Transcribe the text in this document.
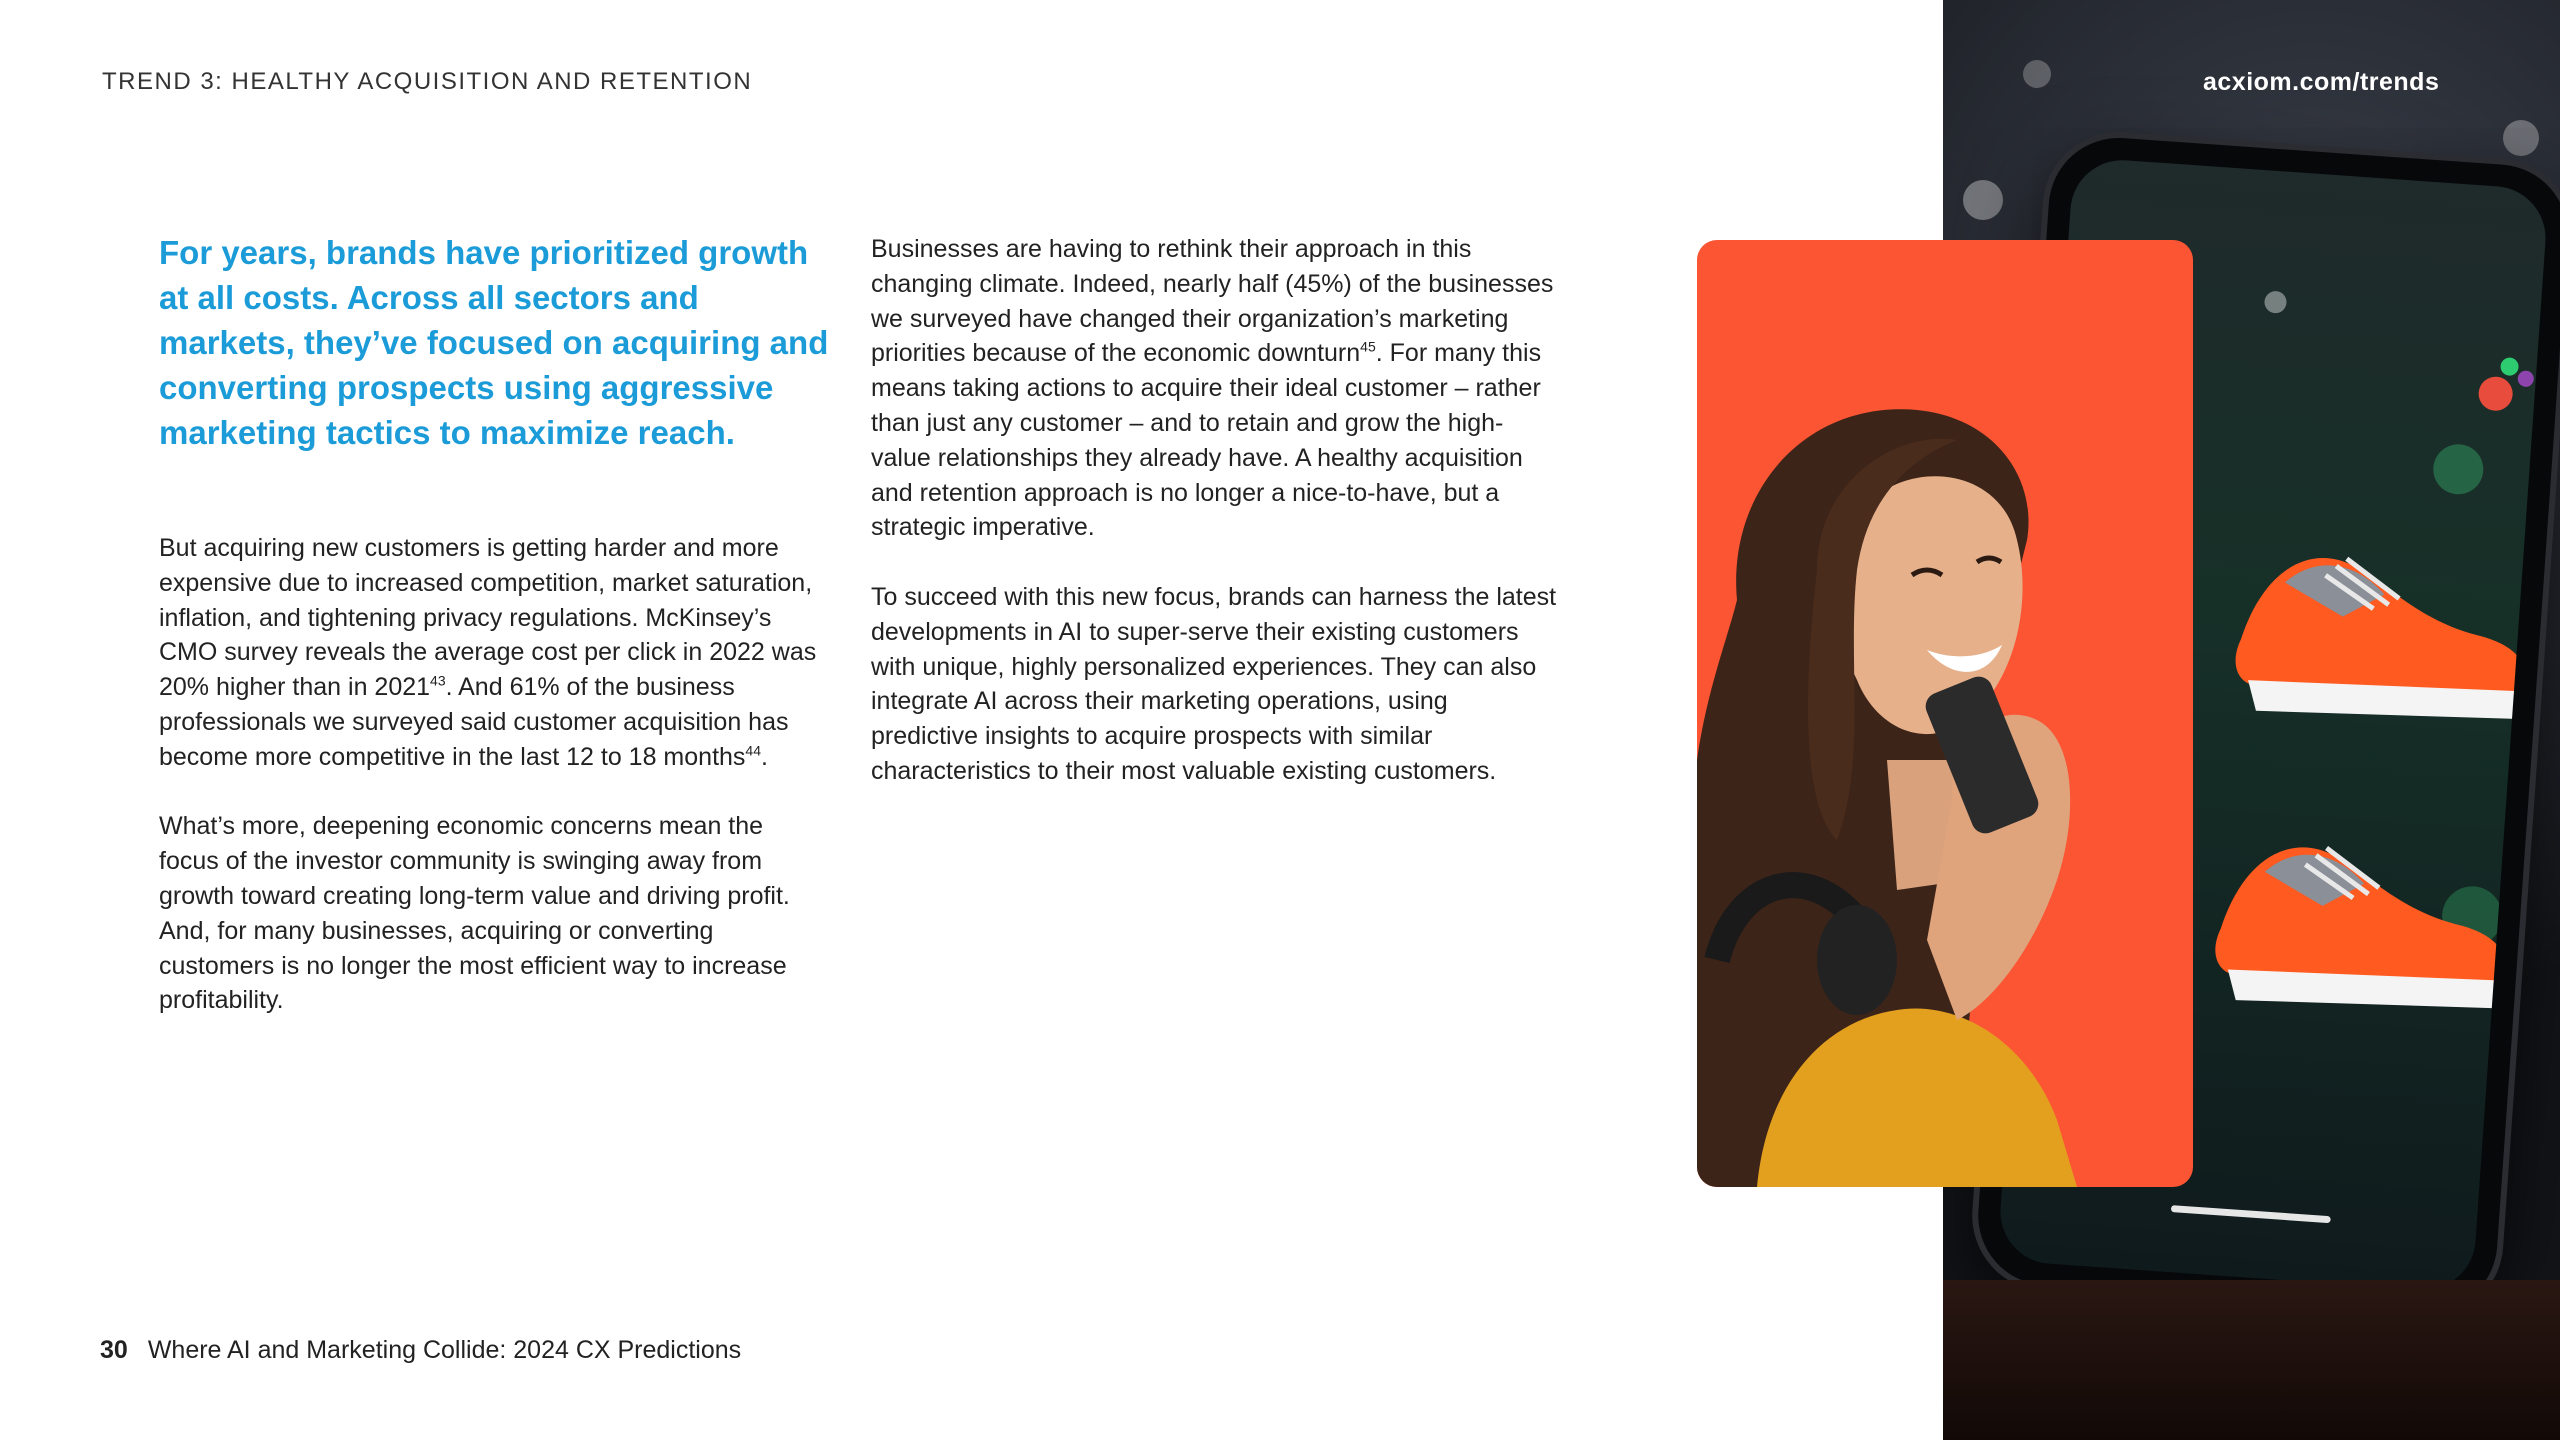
TREND 3: HEALTHY ACQUISITION AND RETENTION	acxiom.com/trends

For years, brands have prioritized growth at all costs. Across all sectors and markets, they’ve focused on acquiring and converting prospects using aggressive marketing tactics to maximize reach.

But acquiring new customers is getting harder and more expensive due to increased competition, market saturation, inflation, and tightening privacy regulations. McKinsey’s CMO survey reveals the average cost per click in 2022 was 20% higher than in 2021$^{43}$. And 61% of the business professionals we surveyed said customer acquisition has become more competitive in the last 12 to 18 months$^{44}$.

What’s more, deepening economic concerns mean the focus of the investor community is swinging away from growth toward creating long-term value and driving profit. And, for many businesses, acquiring or converting customers is no longer the most efficient way to increase profitability.

Businesses are having to rethink their approach in this changing climate. Indeed, nearly half (45%) of the businesses we surveyed have changed their organization’s marketing priorities because of the economic downturn$^{45}$. For many this means taking actions to acquire their ideal customer – rather than just any customer – and to retain and grow the high-value relationships they already have. A healthy acquisition and retention approach is no longer a nice-to-have, but a strategic imperative.

To succeed with this new focus, brands can harness the latest developments in AI to super-serve their existing customers with unique, highly personalized experiences. They can also integrate AI across their marketing operations, using predictive insights to acquire prospects with similar characteristics to their most valuable existing customers.

30 Where AI and Marketing Collide: 2024 CX Predictions
